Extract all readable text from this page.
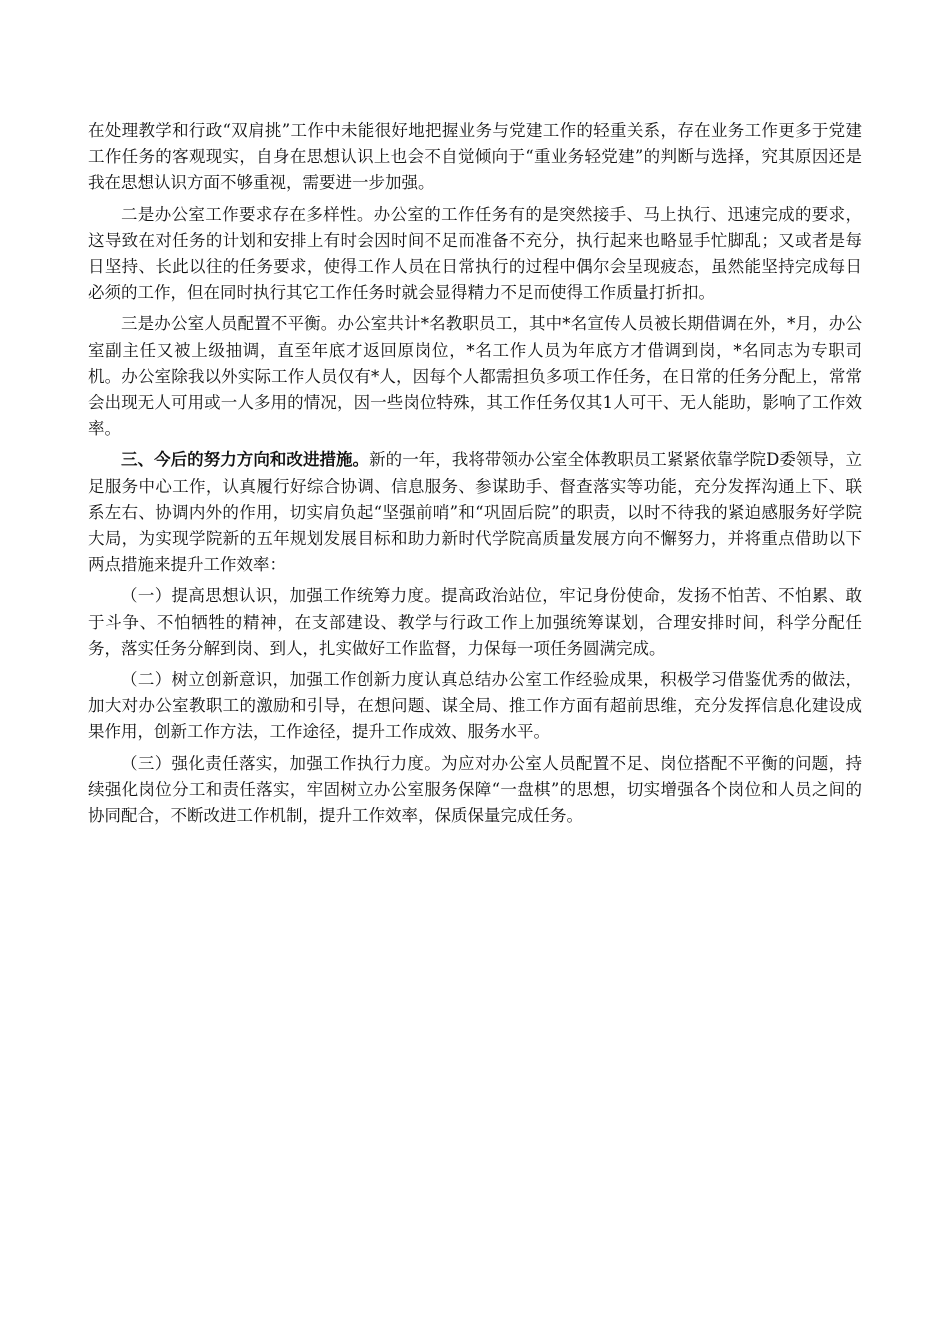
在处理教学和行政“双肩挑”工作中未能很好地把握业务与党建工作的轻重关系，存在业务工作更多于党建工作任务的客观现实，自身在思想认识上也会不自觉倾向于“重业务轻党建”的判断与选择，究其原因还是我在思想认识方面不够重视，需要进一步加强。

二是办公室工作要求存在多样性。办公室的工作任务有的是突然接手、马上执行、迅速完成的要求，这导致在对任务的计划和安排上有时会因时间不足而准备不充分，执行起来也略显手忙脚乱；又或者是每日坚持、长此以往的任务要求，使得工作人员在日常执行的过程中偶尔会呈现疲态，虽然能坚持完成每日必须的工作，但在同时执行其它工作任务时就会显得精力不足而使得工作质量打折扣。

三是办公室人员配置不平衡。办公室共计*名教职员工，其中*名宣传人员被长期借调在外，*月，办公室副主任又被上级抽调，直至年底才返回原岗位，*名工作人员为年底方才借调到岗，*名同志为专职司机。办公室除我以外实际工作人员仅有*人，因每个人都需担负多项工作任务，在日常的任务分配上，常常会出现无人可用或一人多用的情况，因一些岗位特殊，其工作任务仅其1人可干、无人能助，影响了工作效率。

三、今后的努力方向和改进措施。新的一年，我将带领办公室全体教职员工紧紧依靠学院D委领导，立足服务中心工作，认真履行好综合协调、信息服务、参谋助手、督查落实等功能，充分发挥沟通上下、联系左右、协调内外的作用，切实肩负起“坚强前哨”和“巩固后院”的职责，以时不待我的紧迫感服务好学院大局，为实现学院新的五年规划发展目标和助力新时代学院高质量发展方向不懈努力，并将重点借助以下两点措施来提升工作效率：

（一）提高思想认识，加强工作统筹力度。提高政治站位，牢记身份使命，发扬不怕苦、不怕累、敢于斗争、不怕牺牲的精神，在支部建设、教学与行政工作上加强统筹谋划，合理安排时间，科学分配任务，落实任务分解到岗、到人，扎实做好工作监督，力保每一项任务圆满完成。

（二）树立创新意识，加强工作创新力度认真总结办公室工作经验成果，积极学习借鉴优秀的做法，加大对办公室教职工的激励和引导，在想问题、谋全局、推工作方面有超前思维，充分发挥信息化建设成果作用，创新工作方法，工作途径，提升工作成效、服务水平。

（三）强化责任落实，加强工作执行力度。为应对办公室人员配置不足、岗位搭配不平衡的问题，持续强化岗位分工和责任落实，牢固树立办公室服务保障“一盘棋”的思想，切实增强各个岗位和人员之间的协同配合，不断改进工作机制，提升工作效率，保质保量完成任务。
